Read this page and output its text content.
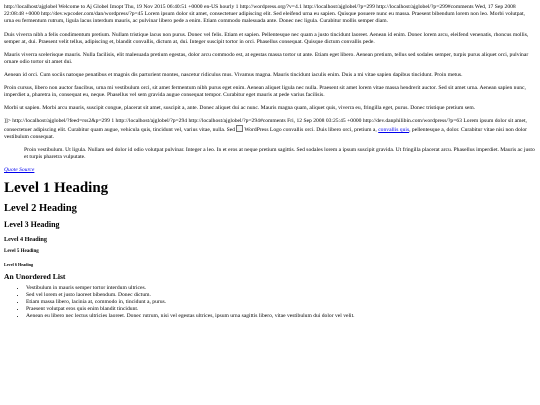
http://localhost/ajglobel Welcome to Aj Globel Imopt Thu, 19 Nov 2015 06:40:51 +0000 en-US hourly 1 http://wordpress.org/?v=4.1 http://localhost/ajglobel/?p=299 http://localhost/ajglobel/?p=299#comments Wed, 17 Sep 2008 22:08:48 +0000 http://dev.wpcoder.com/dan/wordpress/?p=45 Lorem ipsum dolor sit amet, consectetuer adipiscing elit. Sed eleifend urna eu sapien. Quisque posuere nunc eu massa. Praesent bibendum lorem non leo. Morbi volutpat, urna eu fermentum rutrum, ligula lacus interdum mauris, ac pulvinar libero pede a enim. Etiam commodo malesuada ante. Donec nec ligula. Curabitur mollis semper diam.

Duis viverra nibh a felis condimentum pretium. Nullam tristique lacus non purus. Donec vel felis. Etiam et sapien. Pellentesque nec quam a justo tincidunt laoreet. Aenean id enim. Donec lorem arcu, eleifend venenatis, rhoncus mollis, semper at, dui. Praesent velit tellus, adipiscing et, blandit convallis, dictum at, dui. Integer suscipit tortor in orci. Phasellus consequat. Quisque dictum convallis pede.

Mauris viverra scelerisque mauris. Nulla facilisis, elit malesuada pretium egestas, dolor arcu commodo est, at egestas massa tortor ut ante. Etiam eget libero. Aenean pretium, tellus sed sodales semper, turpis purus aliquet orci, pulvinar ornare odio tortor sit amet dui.

Aenean id orci. Cum sociis natoque penatibus et magnis dis parturient montes, nascetur ridiculus mus. Vivamus magna. Mauris tincidunt iaculis enim. Duis a mi vitae sapien dapibus tincidunt. Proin metus.

Proin cursus, libero non auctor faucibus, urna mi vestibulum orci, sit amet fermentum nibh purus eget enim. Aenean aliquet ligula nec nulla. Praesent sit amet lorem vitae massa hendrerit auctor. Sed sit amet urna. Aenean sapien nunc, imperdiet a, pharetra in, consequat eu, neque. Phasellus vel sem gravida augue consequat tempor. Curabitur eget mauris at pede varius facilisis.

Morbi ut sapien. Morbi arcu mauris, suscipit congue, placerat sit amet, suscipit a, ante. Donec aliquet dui ac nunc. Mauris magna quam, aliquet quis, viverra eu, fringilla eget, purus. Donec tristique pretium sem.

]]> http://localhost/ajglobel/?feed=rss2&p=299 1 http://localhost/ajglobel/?p=294 http://localhost/ajglobel/?p=294#comments Fri, 12 Sep 2008 03:25:45 +0000 http://dev.danphilibin.com/wordpress/?p=63 Lorem ipsum dolor sit amet, consectetuer adipiscing elit. Curabitur quam augue, vehicula quis, tincidunt vel, varius vitae, nulla. Sed WordPress Logo convallis orci. Duis libero orci, pretium a, convallis quis, pellentesque a, dolor. Curabitur vitae nisi non dolor vestibulum consequat.

Proin vestibulum. Ut ligula. Nullam sed dolor id odio volutpat pulvinar. Integer a leo. In et eros at neque pretium sagittis. Sed sodales lorem a ipsum suscipit gravida. Ut fringilla placerat arcu. Phasellus imperdiet. Mauris ac justo et turpis pharetra vulputate.
Quote Source
Level 1 Heading
Level 2 Heading
Level 3 Heading
Level 4 Heading
Level 5 Heading
Level 6 Heading
An Unordered List
• Vestibulum in mauris semper tortor interdum ultrices.
• Sed vel lorem et justo laoreet bibendum. Donec dictum.
• Etiam massa libero, lacinia at, commodo in, tincidunt a, purus.
• Praesent volutpat eros quis enim blandit tincidunt.
• Aenean eu libero nec lectus ultricies laoreet. Donec rutrum, nisi vel egestas ultrices, ipsum urna sagittis libero, vitae vestibulum dui dolor vel velit.
